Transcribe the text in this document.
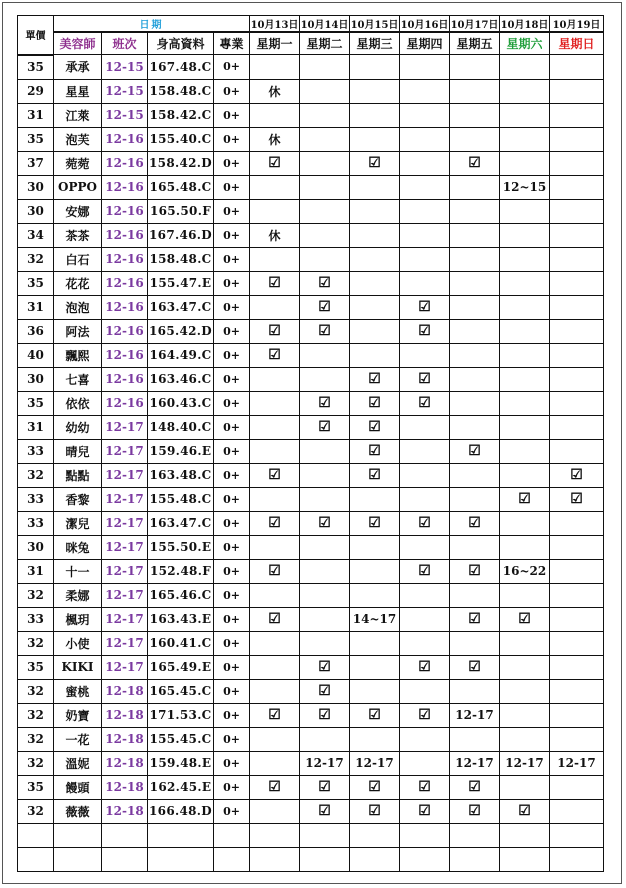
單價	日期				10月13日	10月14日	10月15日	10月16日	10月17日	10月18日	10月19日
	美容師	班次	身高資料	專業	星期一	星期二	星期三	星期四	星期五	星期六	星期日
35	承承	12-15	167.48.C	0+							
29	星星	12-15	158.48.C	0+	休						
31	江萊	12-15	158.42.C	0+							
35	泡芙	12-16	155.40.C	0+	休						
37	菀菀	12-16	158.42.D	0+	☑		☑		☑		
30	OPPO	12-16	165.48.C	0+						12~15	
30	安娜	12-16	165.50.F	0+							
34	茶茶	12-16	167.46.D	0+	休						
32	白石	12-16	158.48.C	0+							
35	花花	12-16	155.47.E	0+	☑	☑					
31	泡泡	12-16	163.47.C	0+		☑		☑			
36	阿法	12-16	165.42.D	0+	☑	☑		☑			
40	飄熙	12-16	164.49.C	0+	☑						
30	七喜	12-16	163.46.C	0+			☑	☑			
35	依依	12-16	160.43.C	0+		☑	☑	☑			
31	幼幼	12-17	148.40.C	0+		☑	☑				
33	晴兒	12-17	159.46.E	0+			☑		☑		
32	點點	12-17	163.48.C	0+	☑		☑				☑
33	香黎	12-17	155.48.C	0+						☑	☑
33	潔兒	12-17	163.47.C	0+	☑	☑	☑	☑	☑		
30	咪兔	12-17	155.50.E	0+							
31	十一	12-17	152.48.F	0+	☑			☑	☑	16~22	
32	柔娜	12-17	165.46.C	0+							
33	楓玥	12-17	163.43.E	0+	☑		14~17		☑	☑	
32	小使	12-17	160.41.C	0+							
35	KIKI	12-17	165.49.E	0+		☑		☑	☑		
32	蜜桃	12-18	165.45.C	0+		☑					
32	奶寶	12-18	171.53.C	0+	☑	☑	☑	☑	12-17		
32	一花	12-18	155.45.C	0+							
32	溫妮	12-18	159.48.E	0+		12-17	12-17		12-17	12-17	12-17
35	饅頭	12-18	162.45.E	0+	☑	☑	☑	☑	☑		
32	薇薇	12-18	166.48.D	0+		☑	☑	☑	☑	☑	
